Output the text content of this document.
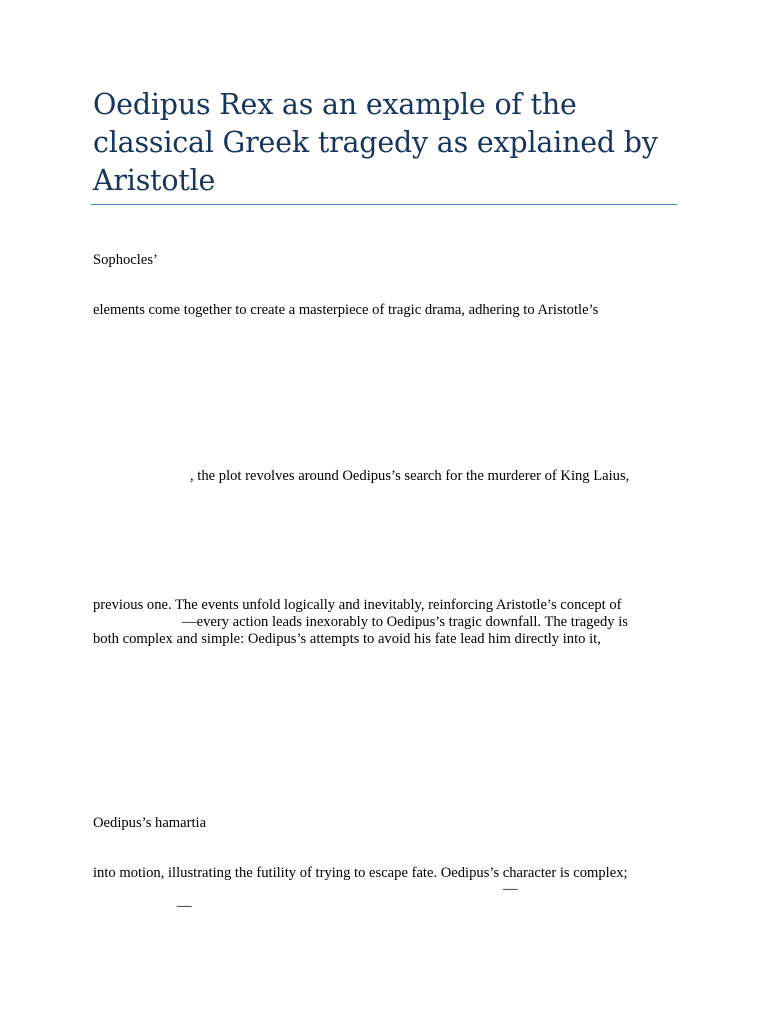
Oedipus Rex as an example of the classical Greek tragedy as explained by Aristotle

Sophocles’

elements come together to create a masterpiece of tragic drama, adhering to Aristotle’s

, the plot revolves around Oedipus’s search for the murderer of King Laius,

previous one. The events unfold logically and inevitably, reinforcing Aristotle’s concept of

—every action leads inexorably to Oedipus’s tragic downfall. The tragedy is

both complex and simple: Oedipus’s attempts to avoid his fate lead him directly into it,

Oedipus’s hamartia

into motion, illustrating the futility of trying to escape fate. Oedipus’s character is complex;

—

—
